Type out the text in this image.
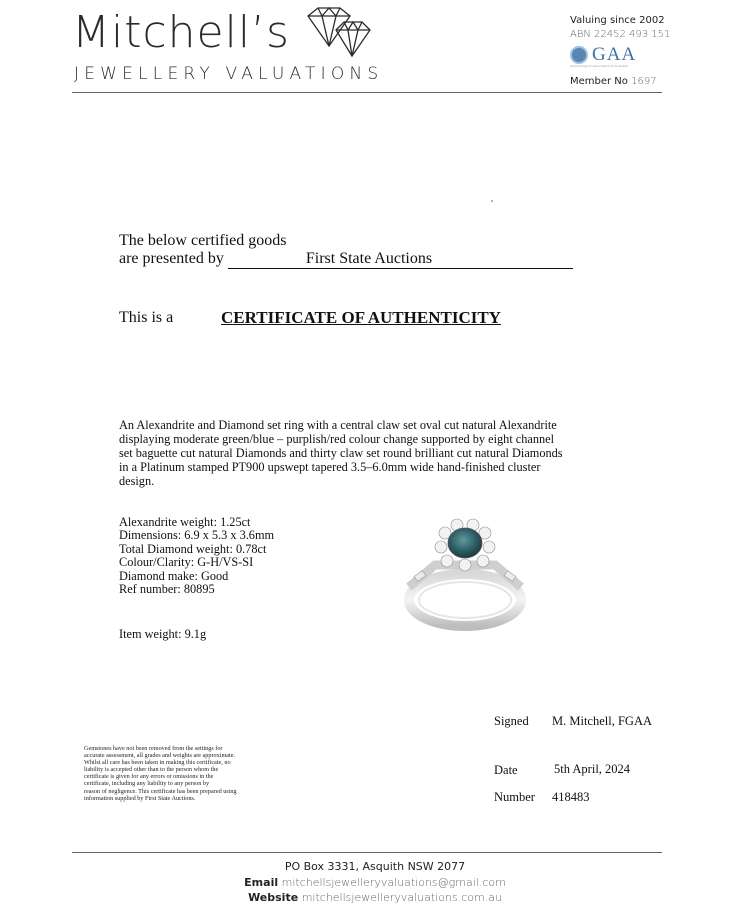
Mitchell’s
JEWELLERY VALUATIONS
Valuing since 2002
ABN 22452 493 151
GAA
Gemmological Association of Australia
Member No 1697
The below certified goods
are presented by	First State Auctions
This is a	CERTIFICATE OF AUTHENTICITY
An Alexandrite and Diamond set ring with a central claw set oval cut natural Alexandrite
displaying moderate green/blue – purplish/red colour change supported by eight channel
set baguette cut natural Diamonds and thirty claw set round brilliant cut natural Diamonds
in a Platinum stamped PT900 upswept tapered 3.5–6.0mm wide hand-finished cluster
design.
Alexandrite weight: 1.25ct
Dimensions: 6.9 x 5.3 x 3.6mm
Total Diamond weight: 0.78ct
Colour/Clarity: G-H/VS-SI
Diamond make: Good
Ref number: 80895
Item weight: 9.1g
Gemstones have not been removed from the settings for
accurate assessment, all grades and weights are approximate.
Whilst all care has been taken in making this certificate, no
liability is accepted other than to the person whom the
certificate is given for any errors or omissions in the
certificate, including any liability to any person by
reason of negligence. This certificate has been prepared using
information supplied by First State Auctions.
Signed M. Mitchell, FGAA
Date	5th April, 2024
Number 418483
PO Box 3331, Asquith NSW 2077
Email mitchellsjewelleryvaluations@gmail.com
Website mitchellsjewelleryvaluations.com.au
